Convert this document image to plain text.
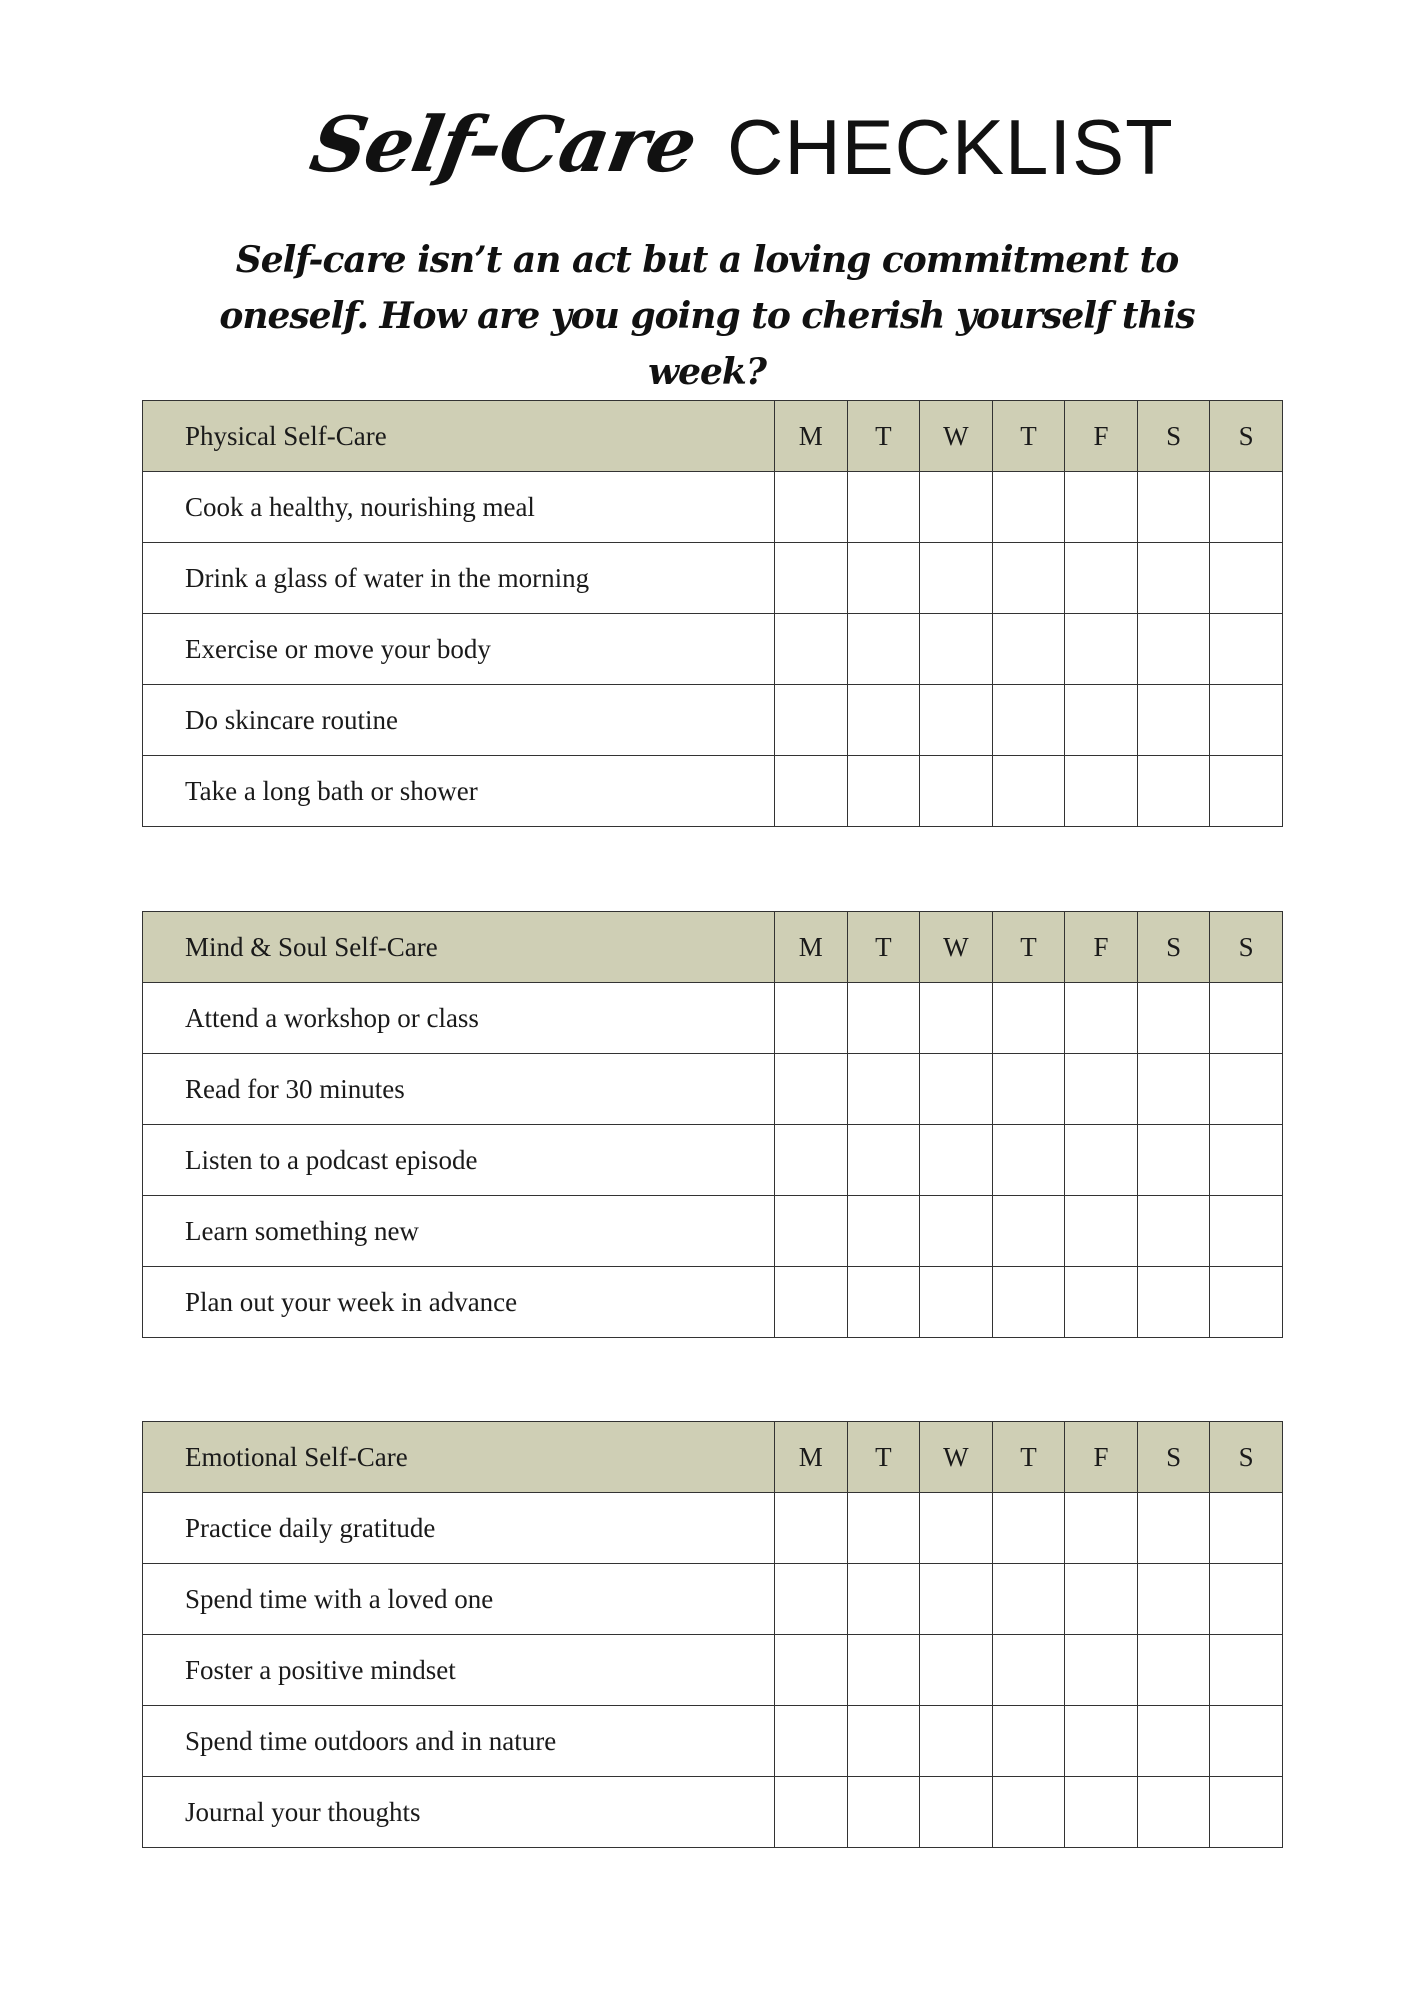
Self-Care CHECKLIST
Self-care isn’t an act but a loving commitment to oneself. How are you going to cherish yourself this week?
Physical Self-Care	M	T	W	T	F	S	S
Cook a healthy, nourishing meal							
Drink a glass of water in the morning							
Exercise or move your body							
Do skincare routine							
Take a long bath or shower							
Mind & Soul Self-Care	M	T	W	T	F	S	S
Attend a workshop or class							
Read for 30 minutes							
Listen to a podcast episode							
Learn something new							
Plan out your week in advance							
Emotional Self-Care	M	T	W	T	F	S	S
Practice daily gratitude							
Spend time with a loved one							
Foster a positive mindset							
Spend time outdoors and in nature							
Journal your thoughts							
